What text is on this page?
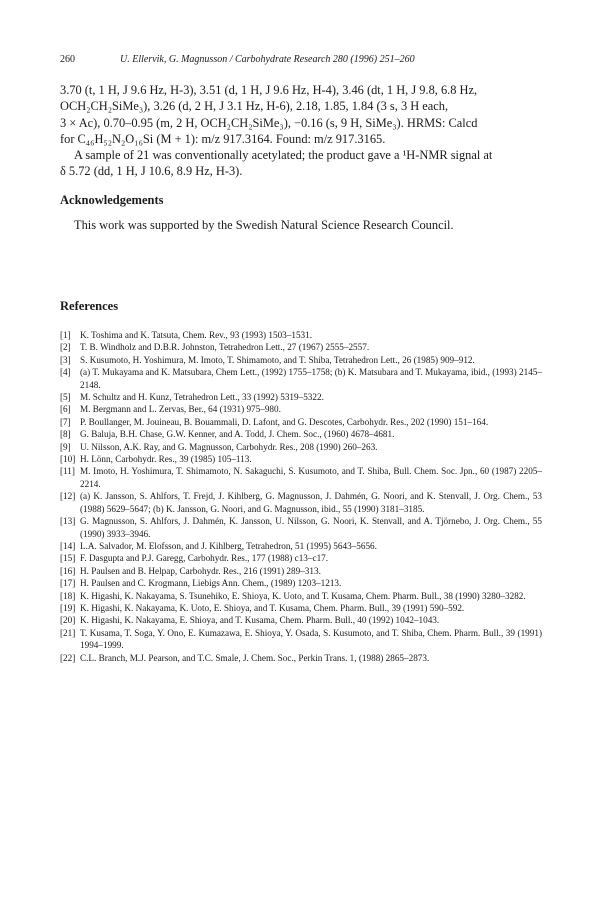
260	U. Ellervik, G. Magnusson / Carbohydrate Research 280 (1996) 251–260

3.70 (t, 1 H, J 9.6 Hz, H-3), 3.51 (d, 1 H, J 9.6 Hz, H-4), 3.46 (dt, 1 H, J 9.8, 6.8 Hz,

OCH₂CH₂SiMe₃), 3.26 (d, 2 H, J 3.1 Hz, H-6), 2.18, 1.85, 1.84 (3 s, 3 H each,

3 × Ac), 0.70–0.95 (m, 2 H, OCH₂CH₂SiMe₃), −0.16 (s, 9 H, SiMe₃). HRMS: Calcd

for C₄₆H₅₂N₂O₁₆Si (M + 1): m/z 917.3164. Found: m/z 917.3165.

A sample of 21 was conventionally acetylated; the product gave a ¹H-NMR signal at

δ 5.72 (dd, 1 H, J 10.6, 8.9 Hz, H-3).

Acknowledgements
This work was supported by the Swedish Natural Science Research Council.
References
[1] K. Toshima and K. Tatsuta, Chem. Rev., 93 (1993) 1503–1531.
[2] T. B. Windholz and D.B.R. Johnston, Tetrahedron Lett., 27 (1967) 2555–2557.
[3] S. Kusumoto, H. Yoshimura, M. Imoto, T. Shimamoto, and T. Shiba, Tetrahedron Lett., 26 (1985) 909–912.
[4] (a) T. Mukayama and K. Matsubara, Chem Lett., (1992) 1755–1758; (b) K. Matsubara and T. Mukayama, ibid., (1993) 2145–2148.
[5] M. Schultz and H. Kunz, Tetrahedron Lett., 33 (1992) 5319–5322.
[6] M. Bergmann and L. Zervas, Ber., 64 (1931) 975–980.
[7] P. Boullanger, M. Jouineau, B. Bouammali, D. Lafont, and G. Descotes, Carbohydr. Res., 202 (1990) 151–164.
[8] G. Baluja, B.H. Chase, G.W. Kenner, and A. Todd, J. Chem. Soc., (1960) 4678–4681.
[9] U. Nilsson, A.K. Ray, and G. Magnusson, Carbohydr. Res., 208 (1990) 260–263.
[10] H. Lönn, Carbohydr. Res., 39 (1985) 105–113.
[11] M. Imoto, H. Yoshimura, T. Shimamoto, N. Sakaguchi, S. Kusumoto, and T. Shiba, Bull. Chem. Soc. Jpn., 60 (1987) 2205–2214.
[12] (a) K. Jansson, S. Ahlfors, T. Frejd, J. Kihlberg, G. Magnusson, J. Dahmén, G. Noori, and K. Stenvall, J. Org. Chem., 53 (1988) 5629–5647; (b) K. Jansson, G. Noori, and G. Magnusson, ibid., 55 (1990) 3181–3185.
[13] G. Magnusson, S. Ahlfors, J. Dahmén, K. Jansson, U. Nilsson, G. Noori, K. Stenvall, and A. Tjörnebo, J. Org. Chem., 55 (1990) 3933–3946.
[14] L.A. Salvador, M. Elofsson, and J. Kihlberg, Tetrahedron, 51 (1995) 5643–5656.
[15] F. Dasgupta and P.J. Garegg, Carbohydr. Res., 177 (1988) c13–c17.
[16] H. Paulsen and B. Helpap, Carbohydr. Res., 216 (1991) 289–313.
[17] H. Paulsen and C. Krogmann, Liebigs Ann. Chem., (1989) 1203–1213.
[18] K. Higashi, K. Nakayama, S. Tsunehiko, E. Shioya, K. Uoto, and T. Kusama, Chem. Pharm. Bull., 38 (1990) 3280–3282.
[19] K. Higashi, K. Nakayama, K. Uoto, E. Shioya, and T. Kusama, Chem. Pharm. Bull., 39 (1991) 590–592.
[20] K. Higashi, K. Nakayama, E. Shioya, and T. Kusama, Chem. Pharm. Bull., 40 (1992) 1042–1043.
[21] T. Kusama, T. Soga, Y. Ono, E. Kumazawa, E. Shioya, Y. Osada, S. Kusumoto, and T. Shiba, Chem. Pharm. Bull., 39 (1991) 1994–1999.
[22] C.L. Branch, M.J. Pearson, and T.C. Smale, J. Chem. Soc., Perkin Trans. 1, (1988) 2865–2873.
